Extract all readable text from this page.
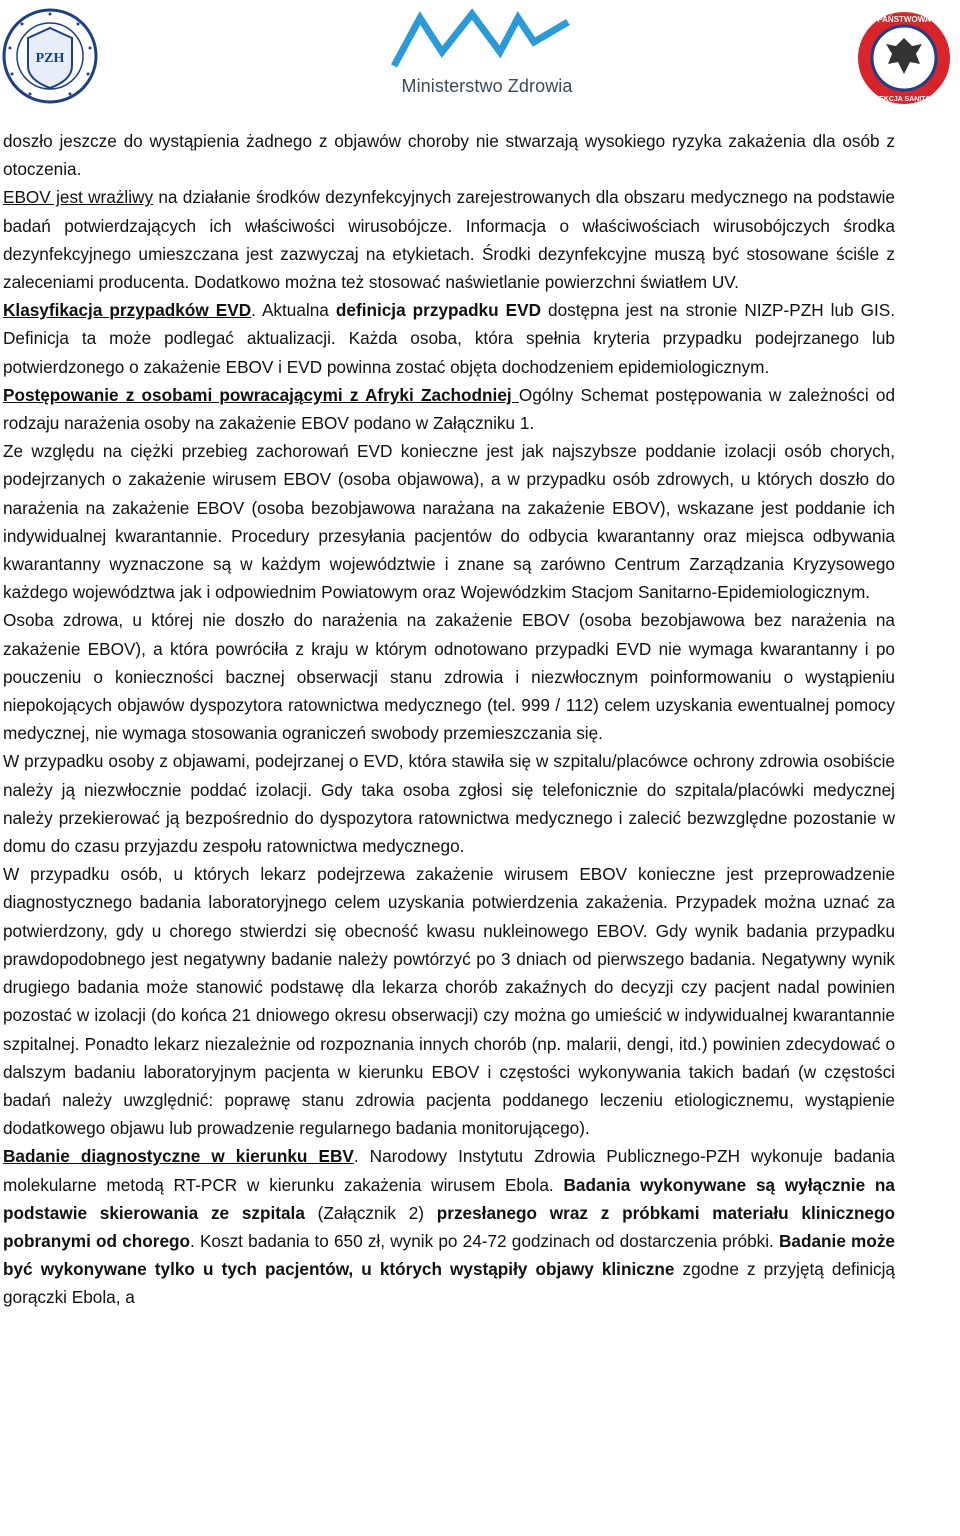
PZH
Ministerstwo Zdrowia
PAŃSTWOWA
INSPEKCJA SANITARNA

doszło jeszcze do wystąpienia żadnego z objawów choroby nie stwarzają wysokiego ryzyka zakażenia dla osób z otoczenia.

EBOV jest wrażliwy na działanie środków dezynfekcyjnych zarejestrowanych dla obszaru medycznego na podstawie badań potwierdzających ich właściwości wirusobójcze. Informacja o właściwościach wirusobójczych środka dezynfekcyjnego umieszczana jest zazwyczaj na etykietach. Środki dezynfekcyjne muszą być stosowane ściśle z zaleceniami producenta. Dodatkowo można też stosować naświetlanie powierzchni światłem UV.

Klasyfikacja przypadków EVD. Aktualna definicja przypadku EVD dostępna jest na stronie NIZP-PZH lub GIS. Definicja ta może podlegać aktualizacji. Każda osoba, która spełnia kryteria przypadku podejrzanego lub potwierdzonego o zakażenie EBOV i EVD powinna zostać objęta dochodzeniem epidemiologicznym.

Postępowanie z osobami powracającymi z Afryki Zachodniej Ogólny Schemat postępowania w zależności od rodzaju narażenia osoby na zakażenie EBOV podano w Załączniku 1.

Ze względu na ciężki przebieg zachorowań EVD konieczne jest jak najszybsze poddanie izolacji osób chorych, podejrzanych o zakażenie wirusem EBOV (osoba objawowa), a w przypadku osób zdrowych, u których doszło do narażenia na zakażenie EBOV (osoba bezobjawowa narażana na zakażenie EBOV), wskazane jest poddanie ich indywidualnej kwarantannie. Procedury przesyłania pacjentów do odbycia kwarantanny oraz miejsca odbywania kwarantanny wyznaczone są w każdym województwie i znane są zarówno Centrum Zarządzania Kryzysowego każdego województwa jak i odpowiednim Powiatowym oraz Wojewódzkim Stacjom Sanitarno-Epidemiologicznym.

Osoba zdrowa, u której nie doszło do narażenia na zakażenie EBOV (osoba bezobjawowa bez narażenia na zakażenie EBOV), a która powróciła z kraju w którym odnotowano przypadki EVD nie wymaga kwarantanny i po pouczeniu o konieczności bacznej obserwacji stanu zdrowia i niezwłocznym poinformowaniu o wystąpieniu niepokojących objawów dyspozytora ratownictwa medycznego (tel. 999 / 112) celem uzyskania ewentualnej pomocy medycznej, nie wymaga stosowania ograniczeń swobody przemieszczania się.

W przypadku osoby z objawami, podejrzanej o EVD, która stawiła się w szpitalu/placówce ochrony zdrowia osobiście należy ją niezwłocznie poddać izolacji. Gdy taka osoba zgłosi się telefonicznie do szpitala/placówki medycznej należy przekierować ją bezpośrednio do dyspozytora ratownictwa medycznego i zalecić bezwzględne pozostanie w domu do czasu przyjazdu zespołu ratownictwa medycznego.

W przypadku osób, u których lekarz podejrzewa zakażenie wirusem EBOV konieczne jest przeprowadzenie diagnostycznego badania laboratoryjnego celem uzyskania potwierdzenia zakażenia. Przypadek można uznać za potwierdzony, gdy u chorego stwierdzi się obecność kwasu nukleinowego EBOV. Gdy wynik badania przypadku prawdopodobnego jest negatywny badanie należy powtórzyć po 3 dniach od pierwszego badania. Negatywny wynik drugiego badania może stanowić podstawę dla lekarza chorób zakaźnych do decyzji czy pacjent nadal powinien pozostać w izolacji (do końca 21 dniowego okresu obserwacji) czy można go umieścić w indywidualnej kwarantannie szpitalnej. Ponadto lekarz niezależnie od rozpoznania innych chorób (np. malarii, dengi, itd.) powinien zdecydować o dalszym badaniu laboratoryjnym pacjenta w kierunku EBOV i częstości wykonywania takich badań (w częstości badań należy uwzględnić: poprawę stanu zdrowia pacjenta poddanego leczeniu etiologicznemu, wystąpienie dodatkowego objawu lub prowadzenie regularnego badania monitorującego).

Badanie diagnostyczne w kierunku EBV. Narodowy Instytutu Zdrowia Publicznego-PZH wykonuje badania molekularne metodą RT-PCR w kierunku zakażenia wirusem Ebola. Badania wykonywane są wyłącznie na podstawie skierowania ze szpitala (Załącznik 2) przesłanego wraz z próbkami materiału klinicznego pobranymi od chorego. Koszt badania to 650 zł, wynik po 24-72 godzinach od dostarczenia próbki. Badanie może być wykonywane tylko u tych pacjentów, u których wystąpiły objawy kliniczne zgodne z przyjętą definicją gorączki Ebola, a
